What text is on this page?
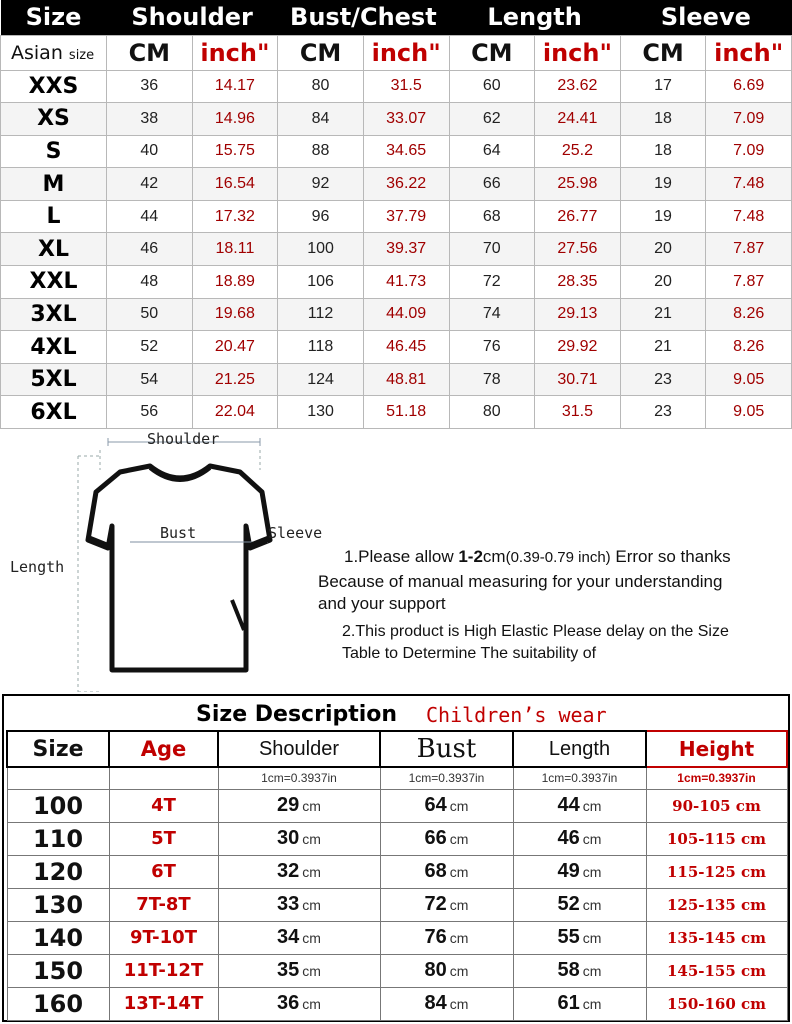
Size	Shoulder		Bust/Chest		Length		Sleeve	
Asian size	CM	inch"	CM	inch"	CM	inch"	CM	inch"
XXS	36	14.17	80	31.5	60	23.62	17	6.69
XS	38	14.96	84	33.07	62	24.41	18	7.09
S	40	15.75	88	34.65	64	25.2	18	7.09
M	42	16.54	92	36.22	66	25.98	19	7.48
L	44	17.32	96	37.79	68	26.77	19	7.48
XL	46	18.11	100	39.37	70	27.56	20	7.87
XXL	48	18.89	106	41.73	72	28.35	20	7.87
3XL	50	19.68	112	44.09	74	29.13	21	8.26
4XL	52	20.47	118	46.45	76	29.92	21	8.26
5XL	54	21.25	124	48.81	78	30.71	23	9.05
6XL	56	22.04	130	51.18	80	31.5	23	9.05
Shoulder
Bust	Sleeve
Length
1.Please allow 1-2cm(0.39-0.79 inch) Error so thanks
Because of manual measuring for your understanding
and your support
2.This product is High Elastic Please delay on the Size
Table to Determine The suitability of
Size Description Children’s wear
Size	Age	Shoulder	Bust	Length	Height
		1cm=0.3937in	1cm=0.3937in	1cm=0.3937in	1cm=0.3937in
100	4T	29 cm	64 cm	44 cm	90-105 cm
110	5T	30 cm	66 cm	46 cm	105-115 cm
120	6T	32 cm	68 cm	49 cm	115-125 cm
130	7T-8T	33 cm	72 cm	52 cm	125-135 cm
140	9T-10T	34 cm	76 cm	55 cm	135-145 cm
150	11T-12T	35 cm	80 cm	58 cm	145-155 cm
160	13T-14T	36 cm	84 cm	61 cm	150-160 cm
